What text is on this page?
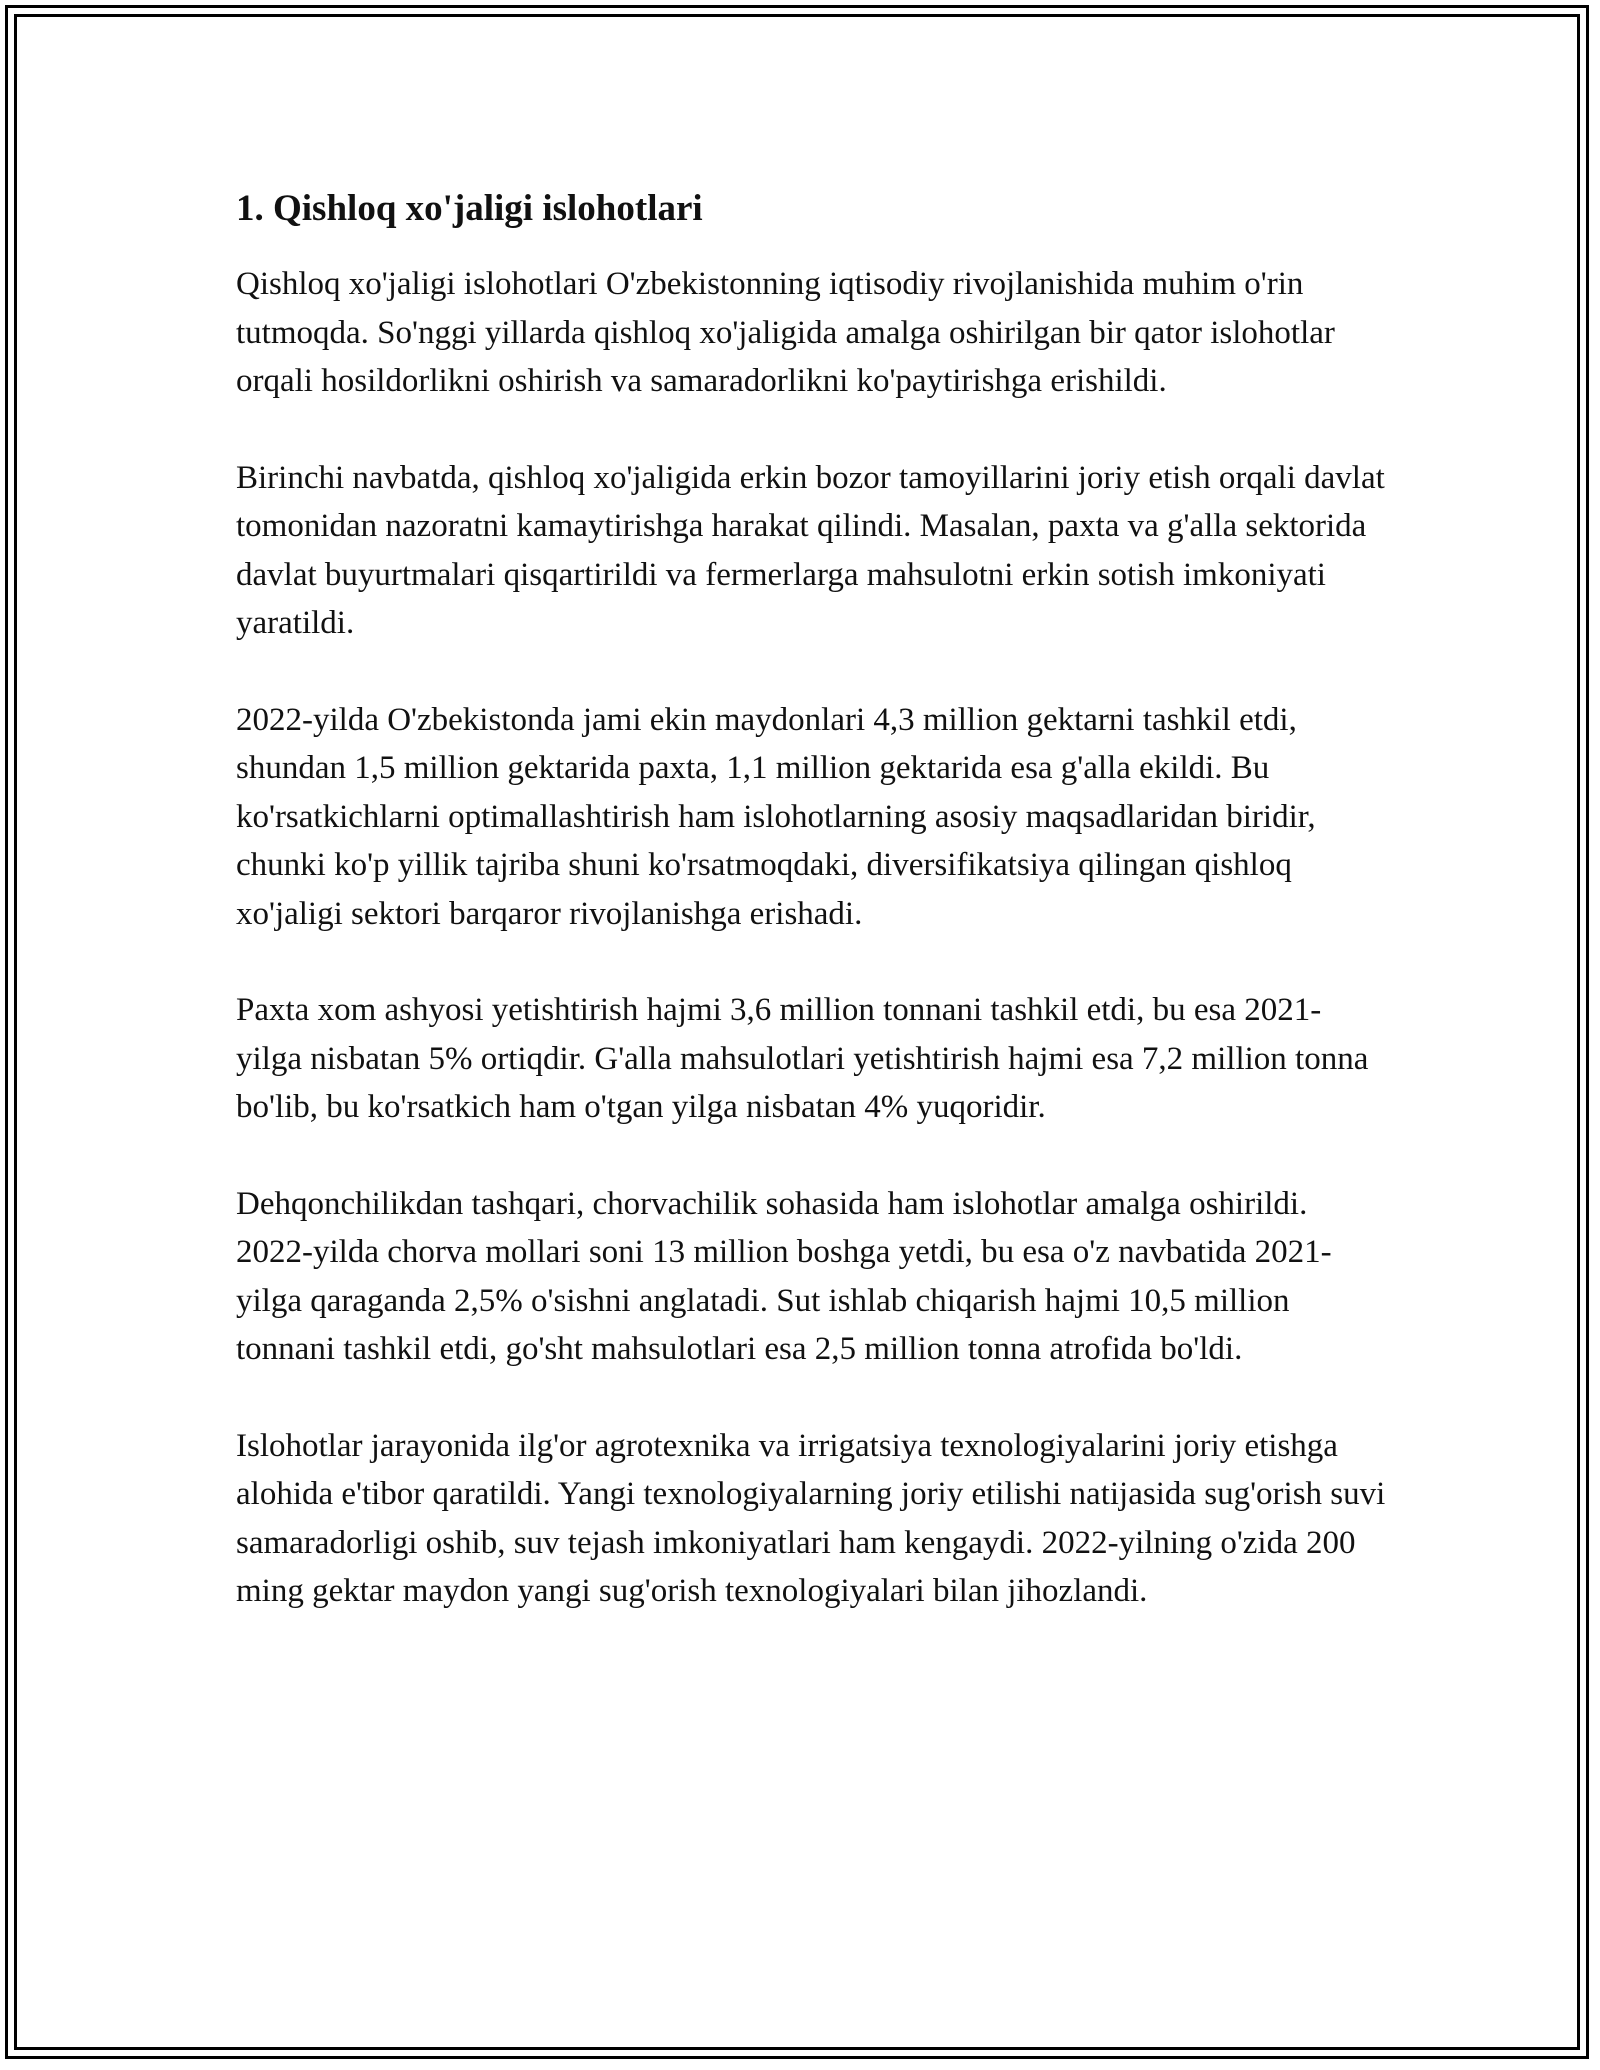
1. Qishloq xo'jaligi islohotlari

Qishloq xo'jaligi islohotlari O'zbekistonning iqtisodiy rivojlanishida muhim o'rin tutmoqda. So'nggi yillarda qishloq xo'jaligida amalga oshirilgan bir qator islohotlar orqali hosildorlikni oshirish va samaradorlikni ko'paytirishga erishildi.

Birinchi navbatda, qishloq xo'jaligida erkin bozor tamoyillarini joriy etish orqali davlat tomonidan nazoratni kamaytirishga harakat qilindi. Masalan, paxta va g'alla sektorida davlat buyurtmalari qisqartirildi va fermerlarga mahsulotni erkin sotish imkoniyati yaratildi.

2022-yilda O'zbekistonda jami ekin maydonlari 4,3 million gektarni tashkil etdi, shundan 1,5 million gektarida paxta, 1,1 million gektarida esa g'alla ekildi. Bu ko'rsatkichlarni optimallashtirish ham islohotlarning asosiy maqsadlaridan biridir, chunki ko'p yillik tajriba shuni ko'rsatmoqdaki, diversifikatsiya qilingan qishloq xo'jaligi sektori barqaror rivojlanishga erishadi.

Paxta xom ashyosi yetishtirish hajmi 3,6 million tonnani tashkil etdi, bu esa 2021-yilga nisbatan 5% ortiqdir. G'alla mahsulotlari yetishtirish hajmi esa 7,2 million tonna bo'lib, bu ko'rsatkich ham o'tgan yilga nisbatan 4% yuqoridir.

Dehqonchilikdan tashqari, chorvachilik sohasida ham islohotlar amalga oshirildi. 2022-yilda chorva mollari soni 13 million boshga yetdi, bu esa o'z navbatida 2021-yilga qaraganda 2,5% o'sishni anglatadi. Sut ishlab chiqarish hajmi 10,5 million tonnani tashkil etdi, go'sht mahsulotlari esa 2,5 million tonna atrofida bo'ldi.

Islohotlar jarayonida ilg'or agrotexnika va irrigatsiya texnologiyalarini joriy etishga alohida e'tibor qaratildi. Yangi texnologiyalarning joriy etilishi natijasida sug'orish suvi samaradorligi oshib, suv tejash imkoniyatlari ham kengaydi. 2022-yilning o'zida 200 ming gektar maydon yangi sug'orish texnologiyalari bilan jihozlandi.
